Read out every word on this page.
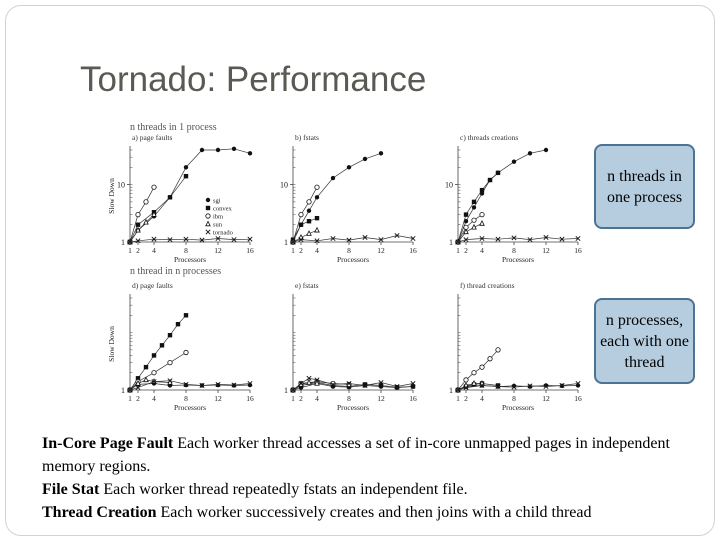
Tornado: Performance
n threads in 1 process
n thread in n processes
a) page faults
1
10
1 2 4	8	12	16
Processors
Slow Down	sgi
convex
ibm
sun
tornado
b) fstats
1
10
1 2 4	8	12	16
Processors
c) threads creations
1
10
1 2 4	8	12	16
Processors
d) page faults
1
1 2 4	8	12	16
Processors
Slow Down
e) fstats
1
1 2 4	8	12	16
Processors
f) thread creations
1
1 2 4	8	12	16
Processors
n threads in one process
n processes, each with one thread

In-Core Page Fault Each worker thread accesses a set of in-core unmapped pages in independent memory regions.

File Stat Each worker thread repeatedly fstats an independent file.

Thread Creation Each worker successively creates and then joins with a child thread
